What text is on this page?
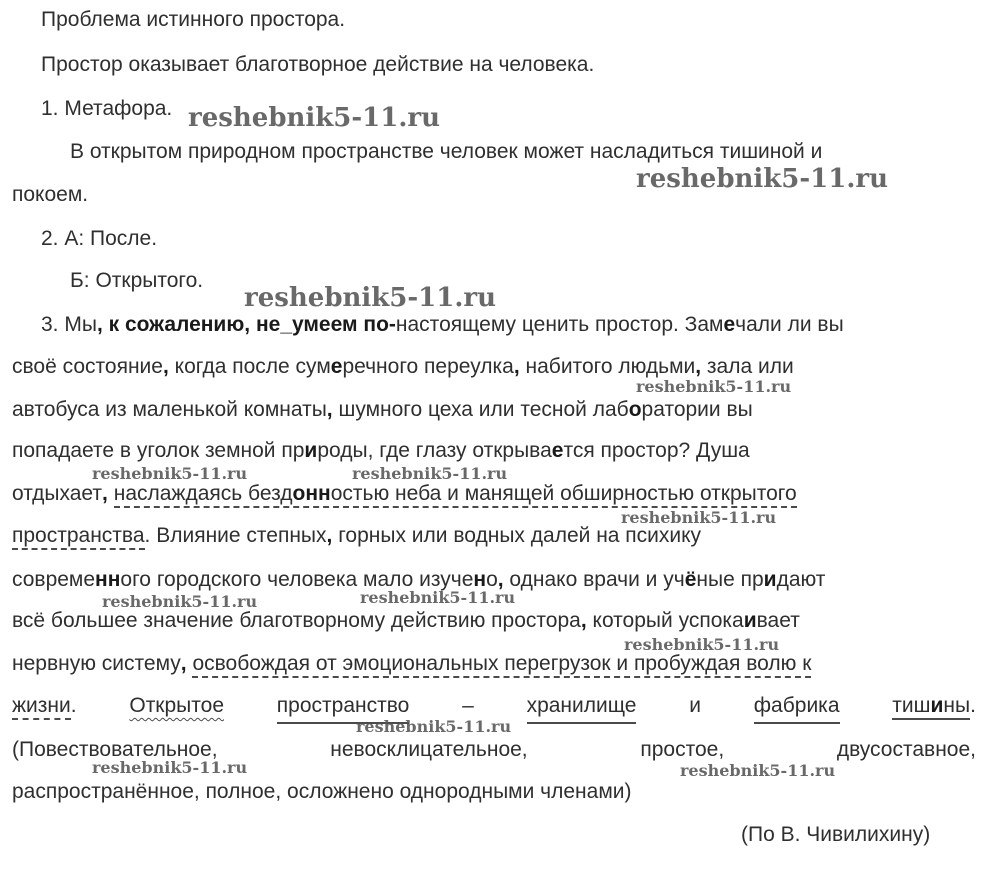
Проблема истинного простора.
Простор оказывает благотворное действие на человека.
1. Метафора.
В открытом природном пространстве человек может насладиться тишиной и
покоем.
2. А: После.
Б: Открытого.
3. Мы, к сожалению, не_умеем по-настоящему ценить простор. Замечали ли вы
своё состояние, когда после сумеречного переулка, набитого людьми, зала или
автобуса из маленькой комнаты, шумного цеха или тесной лаборатории вы
попадаете в уголок земной природы, где глазу открывается простор? Душа
отдыхает, наслаждаясь бездонностью неба и манящей обширностью открытого
пространства. Влияние степных, горных или водных далей на психику
современного городского человека мало изучено, однако врачи и учёные придают
всё большее значение благотворному действию простора, который успокаивает
нервную систему, освобождая от эмоциональных перегрузок и пробуждая волю к
жизни.	Открытое	пространство	–	хранилище	и	фабрика	тишины.
(Повествовательное,	невосклицательное,	простое,	двусоставное,
распространённое, полное, осложнено однородными членами)
(По В. Чивилихину)
reshebnik5-11.ru
reshebnik5-11.ru
reshebnik5-11.ru
reshebnik5-11.ru
reshebnik5-11.ru	reshebnik5-11.ru
reshebnik5-11.ru
reshebnik5-11.ru	reshebnik5-11.ru
reshebnik5-11.ru
reshebnik5-11.ru
reshebnik5-11.ru	reshebnik5-11.ru
